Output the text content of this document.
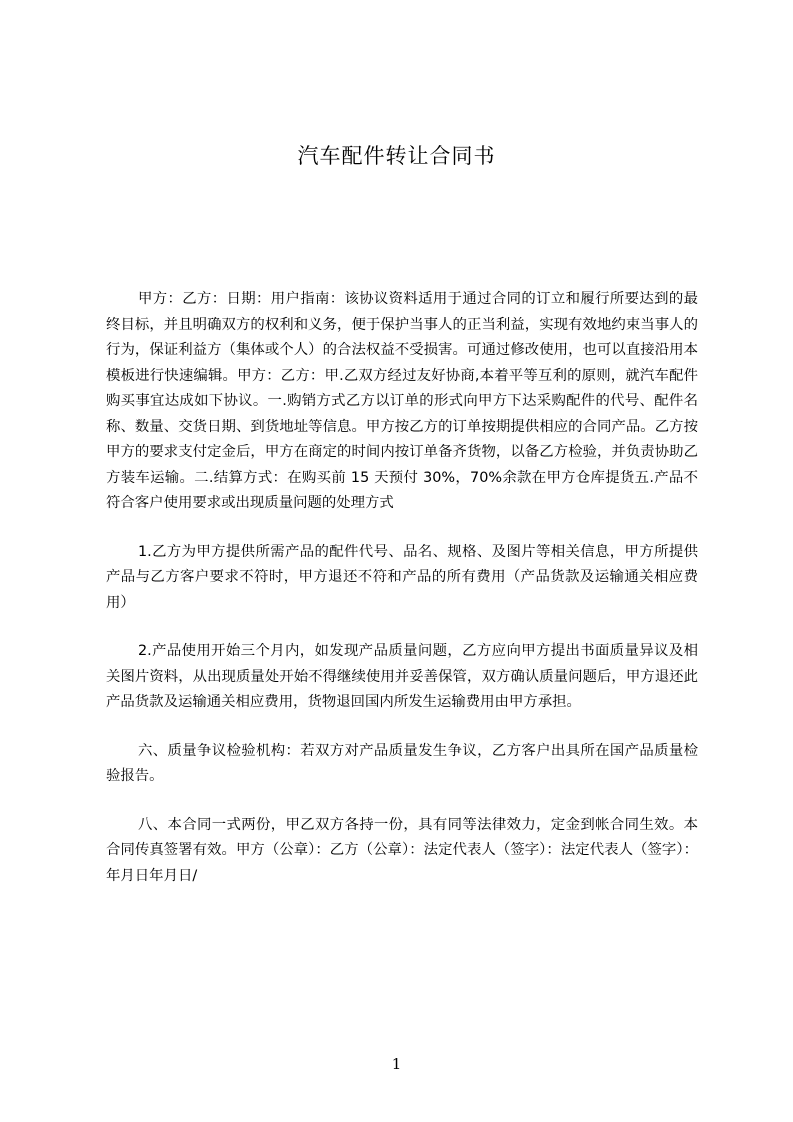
汽车配件转让合同书

甲方：乙方：日期：用户指南：该协议资料适用于通过合同的订立和履行所要达到的最终目标，并且明确双方的权利和义务，便于保护当事人的正当利益，实现有效地约束当事人的行为，保证利益方（集体或个人）的合法权益不受损害。可通过修改使用，也可以直接沿用本模板进行快速编辑。甲方：乙方：甲.乙双方经过友好协商,本着平等互利的原则，就汽车配件购买事宜达成如下协议。一.购销方式乙方以订单的形式向甲方下达采购配件的代号、配件名称、数量、交货日期、到货地址等信息。甲方按乙方的订单按期提供相应的合同产品。乙方按甲方的要求支付定金后，甲方在商定的时间内按订单备齐货物，以备乙方检验，并负责协助乙方装车运输。二.结算方式：在购买前 15 天预付 30%，70%余款在甲方仓库提货五.产品不符合客户使用要求或出现质量问题的处理方式

1.乙方为甲方提供所需产品的配件代号、品名、规格、及图片等相关信息，甲方所提供产品与乙方客户要求不符时，甲方退还不符和产品的所有费用（产品货款及运输通关相应费用）

2.产品使用开始三个月内，如发现产品质量问题，乙方应向甲方提出书面质量异议及相关图片资料，从出现质量处开始不得继续使用并妥善保管，双方确认质量问题后，甲方退还此产品货款及运输通关相应费用，货物退回国内所发生运输费用由甲方承担。

六、质量争议检验机构：若双方对产品质量发生争议，乙方客户出具所在国产品质量检验报告。

八、本合同一式两份，甲乙双方各持一份，具有同等法律效力，定金到帐合同生效。本合同传真签署有效。甲方（公章）：乙方（公章）：法定代表人（签字）：法定代表人（签字）：年月日年月日/

1
